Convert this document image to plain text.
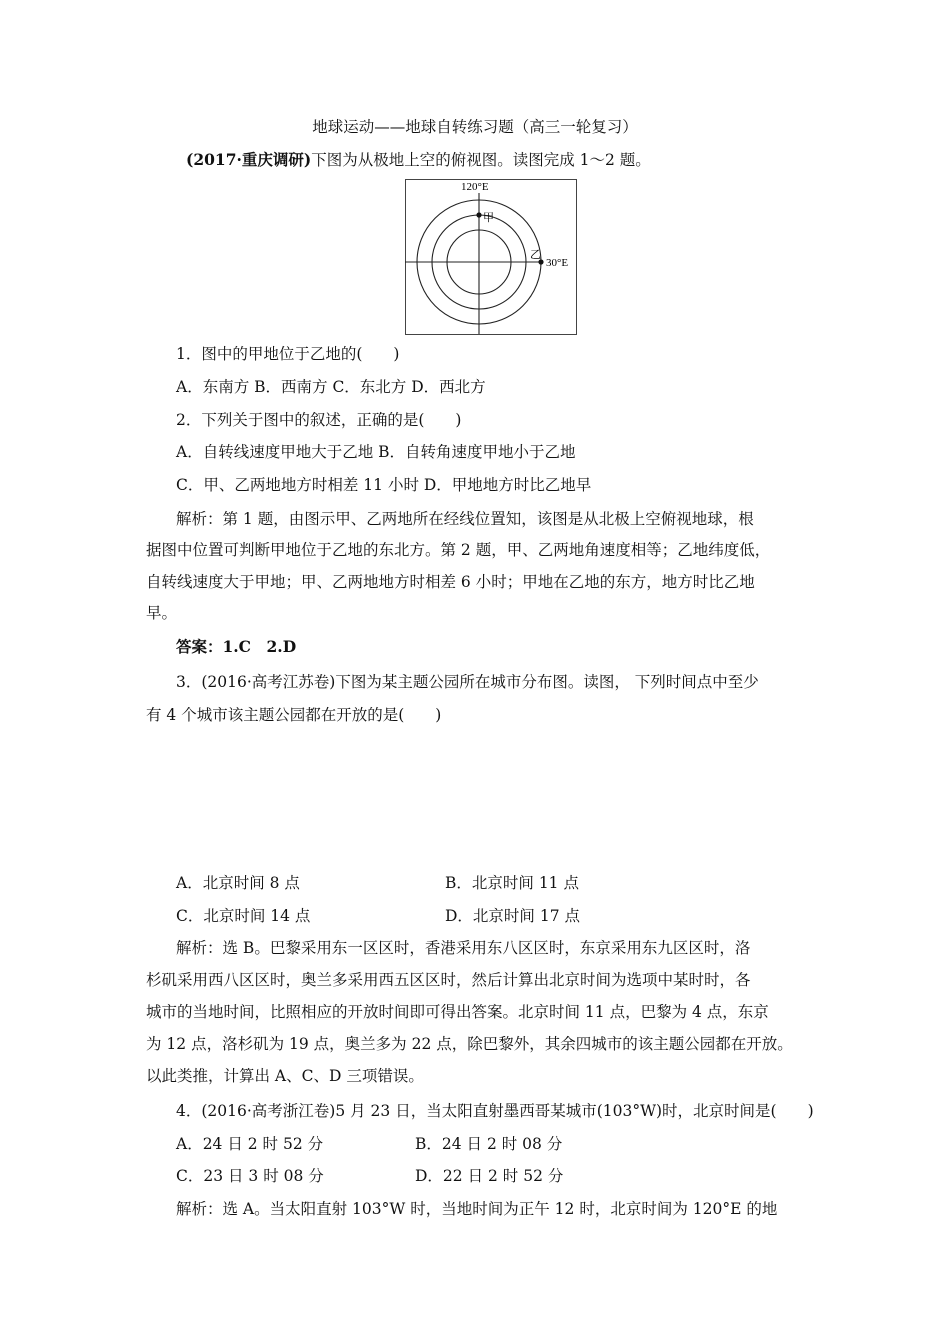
地球运动——地球自转练习题（高三一轮复习）
(2017·重庆调研)下图为从极地上空的俯视图。读图完成 1～2 题。
120°E
甲
乙
30°E
1．图中的甲地位于乙地的(　　)
A．东南方 B．西南方 C．东北方 D．西北方
2．下列关于图中的叙述，正确的是(　　)
A．自转线速度甲地大于乙地 B．自转角速度甲地小于乙地
C．甲、乙两地地方时相差 11 小时 D．甲地地方时比乙地早
解析：第 1 题，由图示甲、乙两地所在经线位置知，该图是从北极上空俯视地球，根
据图中位置可判断甲地位于乙地的东北方。第 2 题，甲、乙两地角速度相等；乙地纬度低，
自转线速度大于甲地；甲、乙两地地方时相差 6 小时；甲地在乙地的东方，地方时比乙地
早。
答案：1.C　2.D
3．(2016·高考江苏卷)下图为某主题公园所在城市分布图。读图， 下列时间点中至少
有 4 个城市该主题公园都在开放的是(　　)
A．北京时间 8 点	B．北京时间 11 点
C．北京时间 14 点	D．北京时间 17 点
解析：选 B。巴黎采用东一区区时，香港采用东八区区时，东京采用东九区区时，洛
杉矶采用西八区区时，奥兰多采用西五区区时，然后计算出北京时间为选项中某时时，各
城市的当地时间，比照相应的开放时间即可得出答案。北京时间 11 点，巴黎为 4 点，东京
为 12 点，洛杉矶为 19 点，奥兰多为 22 点，除巴黎外，其余四城市的该主题公园都在开放。
以此类推，计算出 A、C、D 三项错误。
4．(2016·高考浙江卷)5 月 23 日，当太阳直射墨西哥某城市(103°W)时，北京时间是(　　)
A．24 日 2 时 52 分	B．24 日 2 时 08 分
C．23 日 3 时 08 分	D．22 日 2 时 52 分
解析：选 A。当太阳直射 103°W 时，当地时间为正午 12 时，北京时间为 120°E 的地
